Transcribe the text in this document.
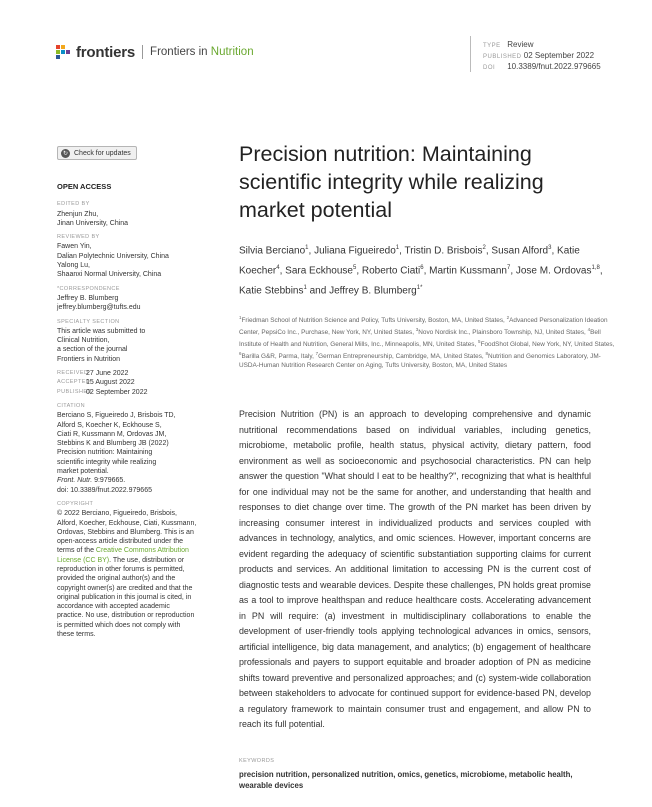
frontiers Frontiers in Nutrition	TYPE Review
PUBLISHED 02 September 2022
DOI 10.3389/fnut.2022.979665
↻ Check for updates
OPEN ACCESS
EDITED BY
Zhenjun Zhu,
Jinan University, China
REVIEWED BY
Fawen Yin,
Dalian Polytechnic University, China
Yalong Lu,
Shaanxi Normal University, China
*CORRESPONDENCE
Jeffrey B. Blumberg
jeffrey.blumberg@tufts.edu
SPECIALTY SECTION
This article was submitted to
Clinical Nutrition,
a section of the journal
Frontiers in Nutrition
RECEIVED
27 June 2022
ACCEPTED
15 August 2022
PUBLISHED
02 September 2022
CITATION
Berciano S, Figueiredo J, Brisbois TD,
Alford S, Koecher K, Eckhouse S,
Ciati R, Kussmann M, Ordovas JM,
Stebbins K and Blumberg JB (2022)
Precision nutrition: Maintaining
scientific integrity while realizing
market potential.
Front. Nutr. 9:979665.
doi: 10.3389/fnut.2022.979665
COPYRIGHT
© 2022 Berciano, Figueiredo, Brisbois, Alford, Koecher, Eckhouse, Ciati, Kussmann, Ordovas, Stebbins and Blumberg. This is an open-access article distributed under the terms of the Creative Commons Attribution License (CC BY). The use, distribution or reproduction in other forums is permitted, provided the original author(s) and the copyright owner(s) are credited and that the original publication in this journal is cited, in accordance with accepted academic practice. No use, distribution or reproduction is permitted which does not comply with these terms.
Precision nutrition: Maintaining scientific integrity while realizing market potential
Silvia Berciano$^1$, Juliana Figueiredo$^1$, Tristin D. Brisbois$^2$, Susan Alford$^3$, Katie Koecher$^4$, Sara Eckhouse$^5$, Roberto Ciati$^6$, Martin Kussmann$^7$, Jose M. Ordovas$^{1,8}$, Katie Stebbins$^1$ and Jeffrey B. Blumberg$^{1*}$
$^1$Friedman School of Nutrition Science and Policy, Tufts University, Boston, MA, United States, $^2$Advanced Personalization Ideation Center, PepsiCo Inc., Purchase, New York, NY, United States, $^3$Novo Nordisk Inc., Plainsboro Township, NJ, United States, $^4$Bell Institute of Health and Nutrition, General Mills, Inc., Minneapolis, MN, United States, $^5$FoodShot Global, New York, NY, United States, $^6$Barilla G&R, Parma, Italy, $^7$German Entrepreneurship, Cambridge, MA, United States, $^8$Nutrition and Genomics Laboratory, JM-USDA-Human Nutrition Research Center on Aging, Tufts University, Boston, MA, United States
Precision Nutrition (PN) is an approach to developing comprehensive and dynamic nutritional recommendations based on individual variables, including genetics, microbiome, metabolic profile, health status, physical activity, dietary pattern, food environment as well as socioeconomic and psychosocial characteristics. PN can help answer the question "What should I eat to be healthy?", recognizing that what is healthful for one individual may not be the same for another, and understanding that health and responses to diet change over time. The growth of the PN market has been driven by increasing consumer interest in individualized products and services coupled with advances in technology, analytics, and omic sciences. However, important concerns are evident regarding the adequacy of scientific substantiation supporting claims for current products and services. An additional limitation to accessing PN is the current cost of diagnostic tests and wearable devices. Despite these challenges, PN holds great promise as a tool to improve healthspan and reduce healthcare costs. Accelerating advancement in PN will require: (a) investment in multidisciplinary collaborations to enable the development of user-friendly tools applying technological advances in omics, sensors, artificial intelligence, big data management, and analytics; (b) engagement of healthcare professionals and payers to support equitable and broader adoption of PN as medicine shifts toward preventive and personalized approaches; and (c) system-wide collaboration between stakeholders to advocate for continued support for evidence-based PN, develop a regulatory framework to maintain consumer trust and engagement, and allow PN to reach its full potential.
KEYWORDS
precision nutrition, personalized nutrition, omics, genetics, microbiome, metabolic health, wearable devices
